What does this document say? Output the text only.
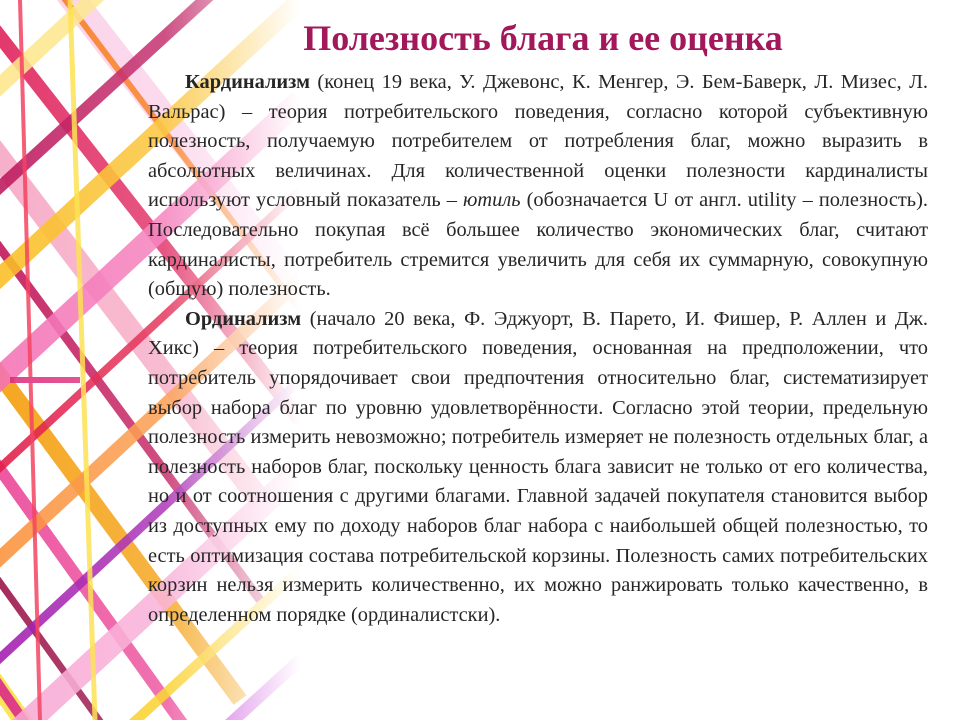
Полезность блага и ее оценка

Кардинализм (конец 19 века, У. Джевонс, К. Менгер, Э. Бем-Баверк, Л. Мизес, Л. Вальрас) – теория потребительского поведения, согласно которой субъективную полезность, получаемую потребителем от потребления благ, можно выразить в абсолютных величинах. Для количественной оценки полезности кардиналисты используют условный показатель – ютиль (обозначается U от англ. utility – полезность). Последовательно покупая всё большее количество экономических благ, считают кардиналисты, потребитель стремится увеличить для себя их суммарную, совокупную (общую) полезность.

Ординализм (начало 20 века, Ф. Эджуорт, В. Парето, И. Фишер, Р. Аллен и Дж. Хикс) – теория потребительского поведения, основанная на предположении, что потребитель упорядочивает свои предпочтения относительно благ, систематизирует выбор набора благ по уровню удовлетворённости. Согласно этой теории, предельную полезность измерить невозможно; потребитель измеряет не полезность отдельных благ, а полезность наборов благ, поскольку ценность блага зависит не только от его количества, но и от соотношения с другими благами. Главной задачей покупателя становится выбор из доступных ему по доходу наборов благ набора с наибольшей общей полезностью, то есть оптимизация состава потребительской корзины. Полезность самих потребительских корзин нельзя измерить количественно, их можно ранжировать только качественно, в определенном порядке (ординалистски).
